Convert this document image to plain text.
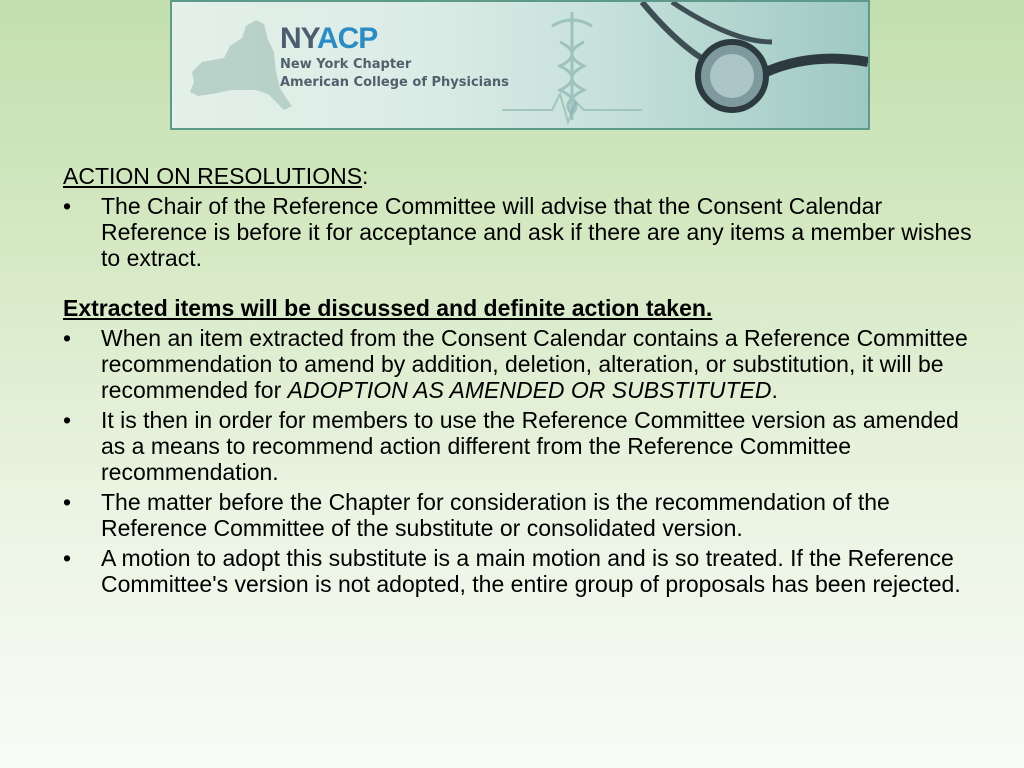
NYACP
New York Chapter
American College of Physicians

ACTION ON RESOLUTIONS:

• The Chair of the Reference Committee will advise that the Consent Calendar Reference is before it for acceptance and ask if there are any items a member wishes to extract.

Extracted items will be discussed and definite action taken.

• When an item extracted from the Consent Calendar contains a Reference Committee recommendation to amend by addition, deletion, alteration, or substitution, it will be recommended for ADOPTION AS AMENDED OR SUBSTITUTED.
• It is then in order for members to use the Reference Committee version as amended as a means to recommend action different from the Reference Committee recommendation.
• The matter before the Chapter for consideration is the recommendation of the Reference Committee of the substitute or consolidated version.
• A motion to adopt this substitute is a main motion and is so treated. If the Reference Committee's version is not adopted, the entire group of proposals has been rejected.
